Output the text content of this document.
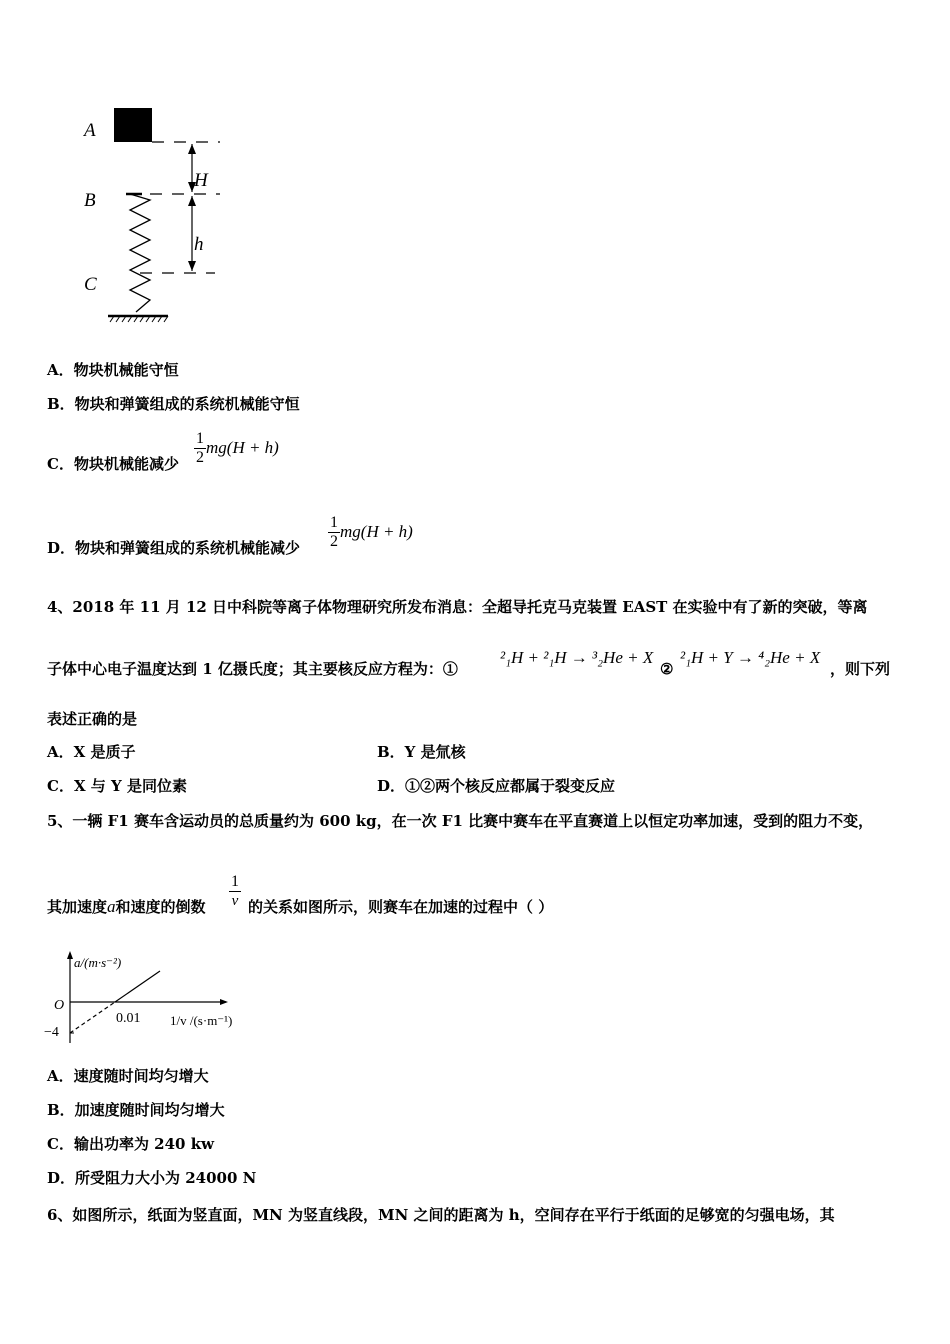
A
B
C
H
h
A．物块机械能守恒
B．物块和弹簧组成的系统机械能守恒
C．物块机械能减少 $\frac{1}{2} mg(H + h)$
D．物块和弹簧组成的系统机械能减少 $\frac{1}{2} mg(H + h)$
4、2018 年 11 月 12 日中科院等离子体物理研究所发布消息：全超导托克马克装置 EAST 在实验中有了新的突破，等离
子体中心电子温度达到 1 亿摄氏度；其主要核反应方程为：①
²₁H + ²₁H → ³₂He + X
②
²₁H + Y → ⁴₂He + X
，则下列
表述正确的是
A．X 是质子	B．Y 是氚核
C．X 与 Y 是同位素	D．①②两个核反应都属于裂变反应
5、一辆 F1 赛车含运动员的总质量约为 600 kg，在一次 F1 比赛中赛车在平直赛道上以恒定功率加速，受到的阻力不变，
其加速度a和速度的倒数 $\frac{1}{v}$ 的关系如图所示，则赛车在加速的过程中（ ）
a/(m·s⁻²)
O
−4
0.01 1/v /(s·m⁻¹)
A．速度随时间均匀增大
B．加速度随时间均匀增大
C．输出功率为 240 kw
D．所受阻力大小为 24000 N
6、如图所示，纸面为竖直面，MN 为竖直线段，MN 之间的距离为 h，空间存在平行于纸面的足够宽的匀强电场，其
